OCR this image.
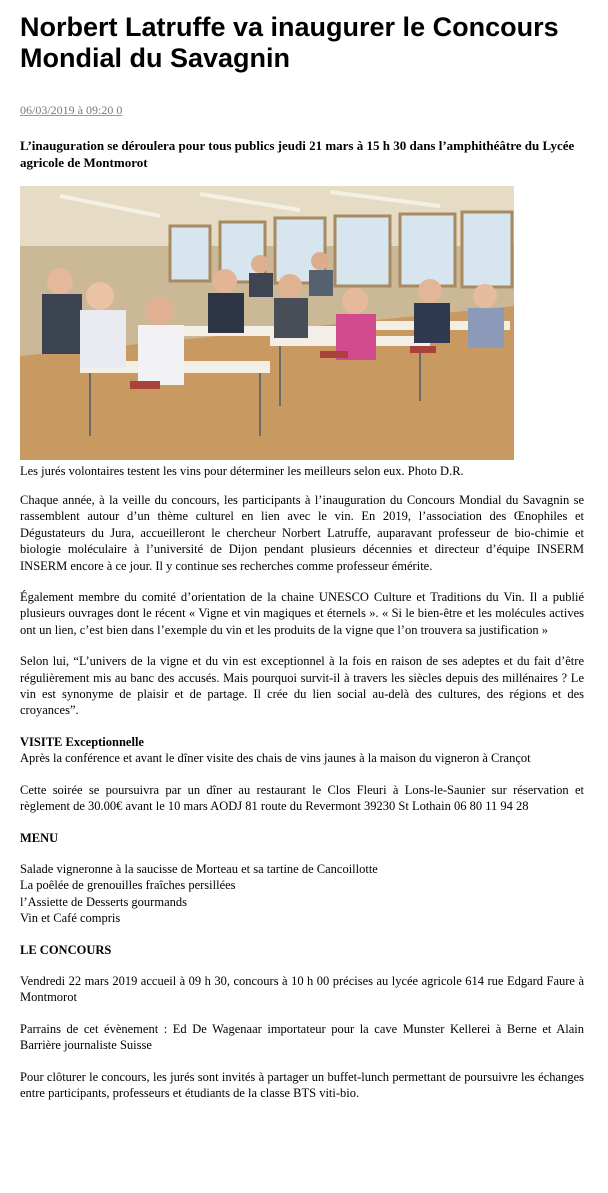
Norbert Latruffe va inaugurer le Concours Mondial du Savagnin
06/03/2019 à 09:20 0

L’inauguration se déroulera pour tous publics jeudi 21 mars à 15 h 30 dans l’amphithéâtre du Lycée agricole de Montmorot

Les jurés volontaires testent les vins pour déterminer les meilleurs selon eux. Photo D.R.

Chaque année, à la veille du concours, les participants à l’inauguration du Concours Mondial du Savagnin se rassemblent autour d’un thème culturel en lien avec le vin. En 2019, l’association des Œnophiles et Dégustateurs du Jura, accueilleront le chercheur Norbert Latruffe, auparavant professeur de bio-chimie et biologie moléculaire à l’université de Dijon pendant plusieurs décennies et directeur d’équipe INSERM INSERM encore à ce jour. Il y continue ses recherches comme professeur émérite.

Également membre du comité d’orientation de la chaine UNESCO Culture et Traditions du Vin. Il a publié plusieurs ouvrages dont le récent « Vigne et vin magiques et éternels ». « Si le bien-être et les molécules actives ont un lien, c’est bien dans l’exemple du vin et les produits de la vigne que l’on trouvera sa justification »

Selon lui, “L’univers de la vigne et du vin est exceptionnel à la fois en raison de ses adeptes et du fait d’être régulièrement mis au banc des accusés. Mais pourquoi survit-il à travers les siècles depuis des millénaires ? Le vin est synonyme de plaisir et de partage. Il crée du lien social au-delà des cultures, des régions et des croyances”.

VISITE Exceptionnelle

Après la conférence et avant le dîner visite des chais de vins jaunes à la maison du vigneron à Crançot

Cette soirée se poursuivra par un dîner au restaurant le Clos Fleuri à Lons-le-Saunier sur réservation et règlement de 30.00€ avant le 10 mars AODJ 81 route du Revermont 39230 St Lothain 06 80 11 94 28

MENU
Salade vigneronne à la saucisse de Morteau et sa tartine de Cancoillotte
La poêlée de grenouilles fraîches persillées
l’Assiette de Desserts gourmands
Vin et Café compris
LE CONCOURS

Vendredi 22 mars 2019 accueil à 09 h 30, concours à 10 h 00 précises au lycée agricole 614 rue Edgard Faure à Montmorot

Parrains de cet évènement : Ed De Wagenaar importateur pour la cave Munster Kellerei à Berne et Alain Barrière journaliste Suisse

Pour clôturer le concours, les jurés sont invités à partager un buffet-lunch permettant de poursuivre les échanges entre participants, professeurs et étudiants de la classe BTS viti-bio.
